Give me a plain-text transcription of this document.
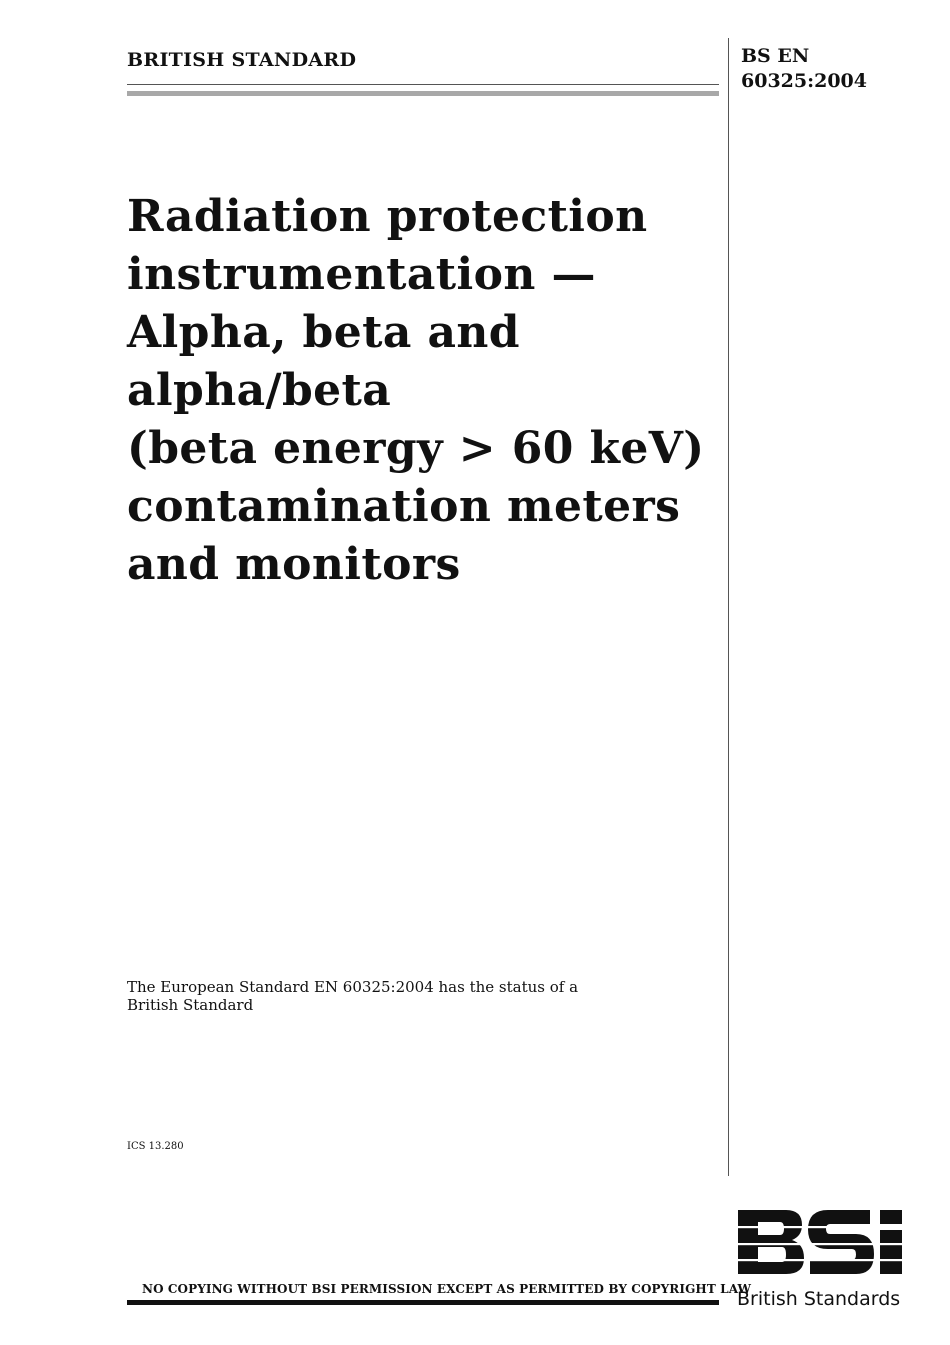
BRITISH STANDARD	BS EN
60325:2004
Radiation protection
instrumentation —
Alpha, beta and
alpha/beta
(beta energy > 60 keV)
contamination meters
and monitors
The European Standard EN 60325:2004 has the status of a
British Standard
ICS 13.280
NO COPYING WITHOUT BSI PERMISSION EXCEPT AS PERMITTED BY COPYRIGHT LAW
British Standards
